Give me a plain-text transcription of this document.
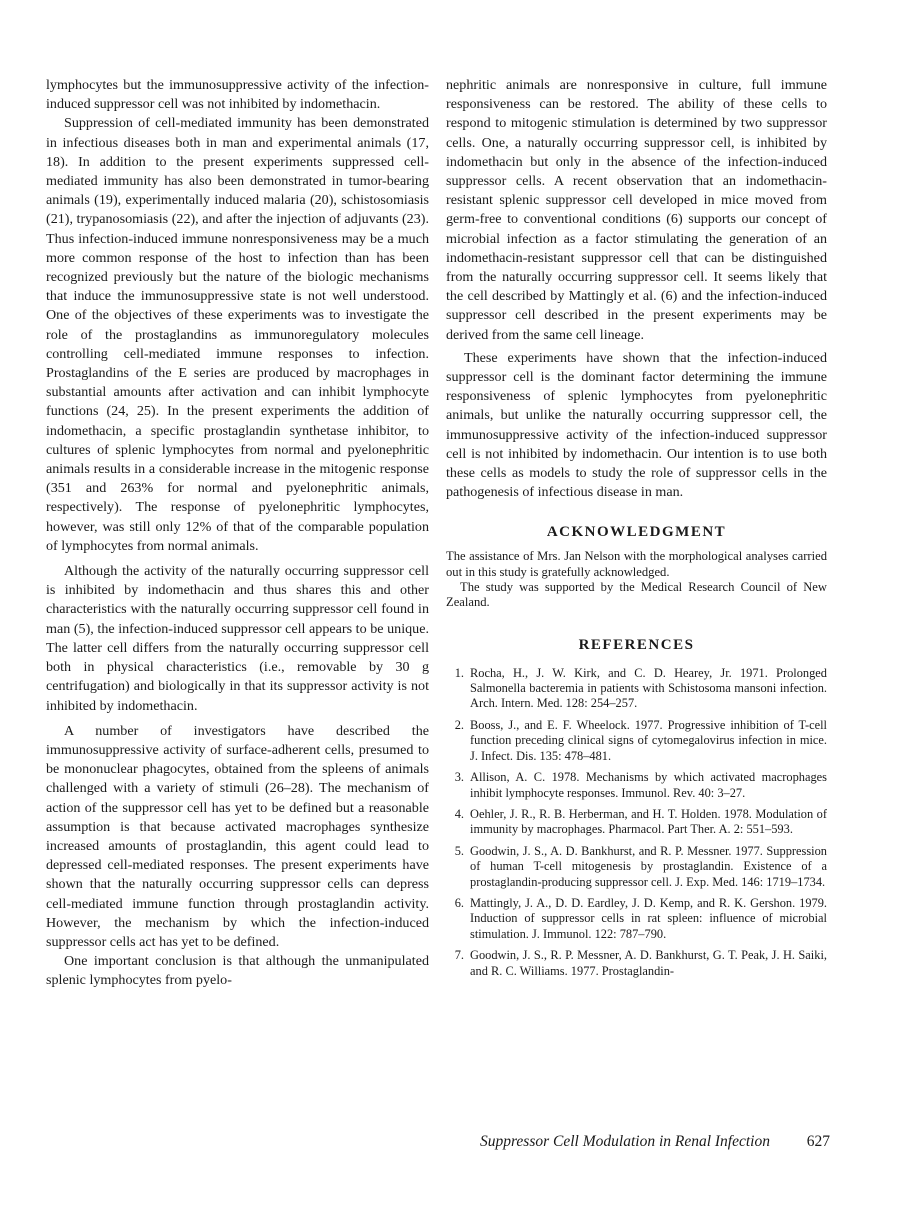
lymphocytes but the immunosuppressive activity of the infection-induced suppressor cell was not inhibited by indomethacin.

Suppression of cell-mediated immunity has been demonstrated in infectious diseases both in man and experimental animals (17, 18). In addition to the present experiments suppressed cell-mediated immunity has also been demonstrated in tumor-bearing animals (19), experimentally induced malaria (20), schistosomiasis (21), trypanosomiasis (22), and after the injection of adjuvants (23). Thus infection-induced immune nonresponsiveness may be a much more common response of the host to infection than has been recognized previously but the nature of the biologic mechanisms that induce the immunosuppressive state is not well understood. One of the objectives of these experiments was to investigate the role of the prostaglandins as immunoregulatory molecules controlling cell-mediated immune responses to infection. Prostaglandins of the E series are produced by macrophages in substantial amounts after activation and can inhibit lymphocyte functions (24, 25). In the present experiments the addition of indomethacin, a specific prostaglandin synthetase inhibitor, to cultures of splenic lymphocytes from normal and pyelonephritic animals results in a considerable increase in the mitogenic response (351 and 263% for normal and pyelonephritic animals, respectively). The response of pyelonephritic lymphocytes, however, was still only 12% of that of the comparable population of lymphocytes from normal animals.

Although the activity of the naturally occurring suppressor cell is inhibited by indomethacin and thus shares this and other characteristics with the naturally occurring suppressor cell found in man (5), the infection-induced suppressor cell appears to be unique. The latter cell differs from the naturally occurring suppressor cell both in physical characteristics (i.e., removable by 30 g centrifugation) and biologically in that its suppressor activity is not inhibited by indomethacin.

A number of investigators have described the immunosuppressive activity of surface-adherent cells, presumed to be mononuclear phagocytes, obtained from the spleens of animals challenged with a variety of stimuli (26–28). The mechanism of action of the suppressor cell has yet to be defined but a reasonable assumption is that because activated macrophages synthesize increased amounts of prostaglandin, this agent could lead to depressed cell-mediated responses. The present experiments have shown that the naturally occurring suppressor cells can depress cell-mediated immune function through prostaglandin activity. However, the mechanism by which the infection-induced suppressor cells act has yet to be defined.

One important conclusion is that although the unmanipulated splenic lymphocytes from pyelo-

nephritic animals are nonresponsive in culture, full immune responsiveness can be restored. The ability of these cells to respond to mitogenic stimulation is determined by two suppressor cells. One, a naturally occurring suppressor cell, is inhibited by indomethacin but only in the absence of the infection-induced suppressor cells. A recent observation that an indomethacin-resistant splenic suppressor cell developed in mice moved from germ-free to conventional conditions (6) supports our concept of microbial infection as a factor stimulating the generation of an indomethacin-resistant suppressor cell that can be distinguished from the naturally occurring suppressor cell. It seems likely that the cell described by Mattingly et al. (6) and the infection-induced suppressor cell described in the present experiments may be derived from the same cell lineage.

These experiments have shown that the infection-induced suppressor cell is the dominant factor determining the immune responsiveness of splenic lymphocytes from pyelonephritic animals, but unlike the naturally occurring suppressor cell, the immunosuppressive activity of the infection-induced suppressor cell is not inhibited by indomethacin. Our intention is to use both these cells as models to study the role of suppressor cells in the pathogenesis of infectious disease in man.

ACKNOWLEDGMENT

The assistance of Mrs. Jan Nelson with the morphological analyses carried out in this study is gratefully acknowledged.

The study was supported by the Medical Research Council of New Zealand.

REFERENCES
1. Rocha, H., J. W. Kirk, and C. D. Hearey, Jr. 1971. Prolonged Salmonella bacteremia in patients with Schistosoma mansoni infection. Arch. Intern. Med. 128: 254–257.
2. Booss, J., and E. F. Wheelock. 1977. Progressive inhibition of T-cell function preceding clinical signs of cytomegalovirus infection in mice. J. Infect. Dis. 135: 478–481.
3. Allison, A. C. 1978. Mechanisms by which activated macrophages inhibit lymphocyte responses. Immunol. Rev. 40: 3–27.
4. Oehler, J. R., R. B. Herberman, and H. T. Holden. 1978. Modulation of immunity by macrophages. Pharmacol. Part Ther. A. 2: 551–593.
5. Goodwin, J. S., A. D. Bankhurst, and R. P. Messner. 1977. Suppression of human T-cell mitogenesis by prostaglandin. Existence of a prostaglandin-producing suppressor cell. J. Exp. Med. 146: 1719–1734.
6. Mattingly, J. A., D. D. Eardley, J. D. Kemp, and R. K. Gershon. 1979. Induction of suppressor cells in rat spleen: influence of microbial stimulation. J. Immunol. 122: 787–790.
7. Goodwin, J. S., R. P. Messner, A. D. Bankhurst, G. T. Peak, J. H. Saiki, and R. C. Williams. 1977. Prostaglandin-
Suppressor Cell Modulation in Renal Infection	627
